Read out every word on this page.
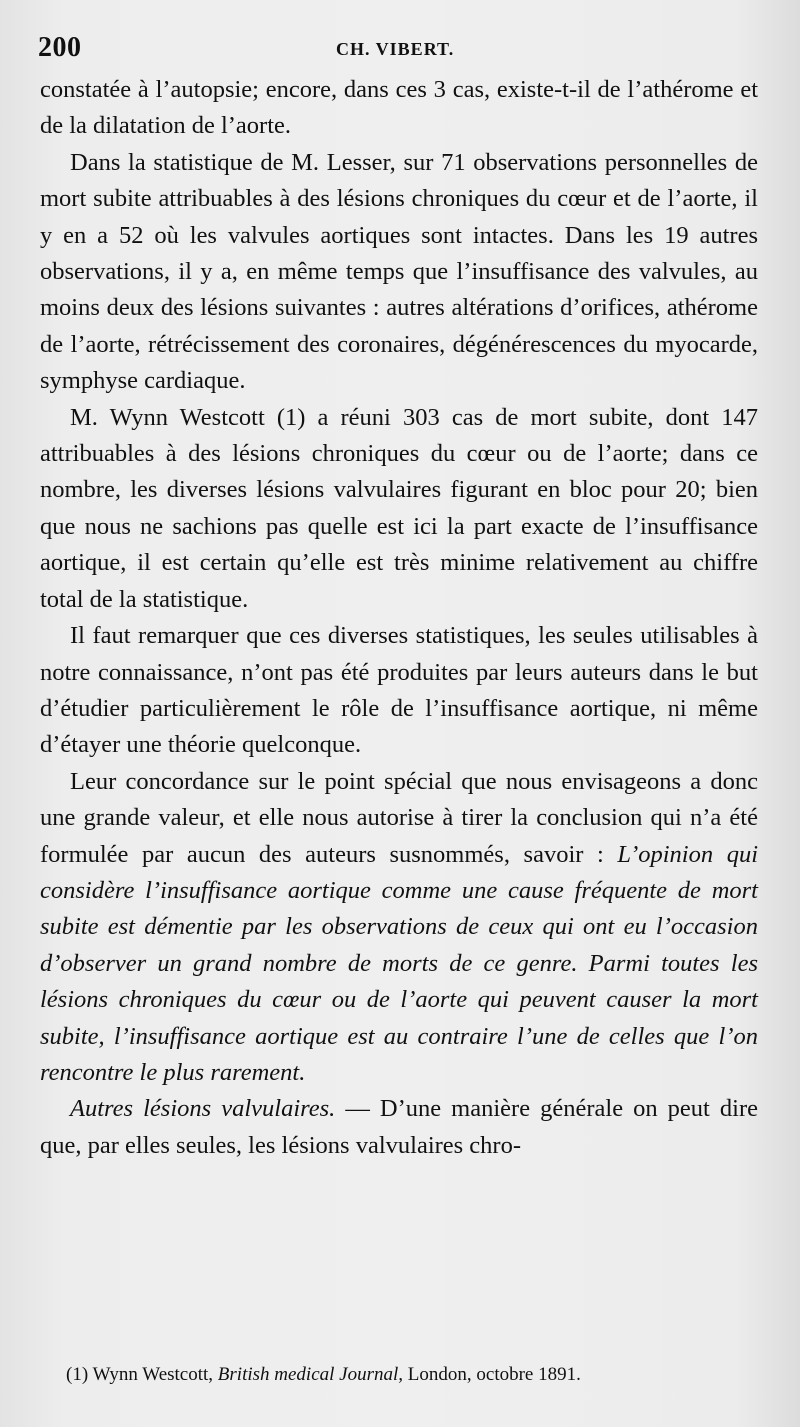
200	CH. VIBERT.

constatée à l’autopsie; encore, dans ces 3 cas, existe-t-il de l’athérome et de la dilatation de l’aorte.

Dans la statistique de M. Lesser, sur 71 observations personnelles de mort subite attribuables à des lésions chroniques du cœur et de l’aorte, il y en a 52 où les valvules aortiques sont intactes. Dans les 19 autres observations, il y a, en même temps que l’insuffisance des valvules, au moins deux des lésions suivantes : autres altérations d’orifices, athérome de l’aorte, rétrécissement des coronaires, dégénérescences du myocarde, symphyse cardiaque.

M. Wynn Westcott (1) a réuni 303 cas de mort subite, dont 147 attribuables à des lésions chroniques du cœur ou de l’aorte; dans ce nombre, les diverses lésions valvulaires figurant en bloc pour 20; bien que nous ne sachions pas quelle est ici la part exacte de l’insuffisance aortique, il est certain qu’elle est très minime relativement au chiffre total de la statistique.

Il faut remarquer que ces diverses statistiques, les seules utilisables à notre connaissance, n’ont pas été produites par leurs auteurs dans le but d’étudier particulièrement le rôle de l’insuffisance aortique, ni même d’étayer une théorie quelconque.

Leur concordance sur le point spécial que nous envisageons a donc une grande valeur, et elle nous autorise à tirer la conclusion qui n’a été formulée par aucun des auteurs susnommés, savoir : L’opinion qui considère l’insuffisance aortique comme une cause fréquente de mort subite est démentie par les observations de ceux qui ont eu l’occasion d’observer un grand nombre de morts de ce genre. Parmi toutes les lésions chroniques du cœur ou de l’aorte qui peuvent causer la mort subite, l’insuffisance aortique est au contraire l’une de celles que l’on rencontre le plus rarement.

Autres lésions valvulaires. — D’une manière générale on peut dire que, par elles seules, les lésions valvulaires chro-

(1) Wynn Westcott, British medical Journal, London, octobre 1891.
